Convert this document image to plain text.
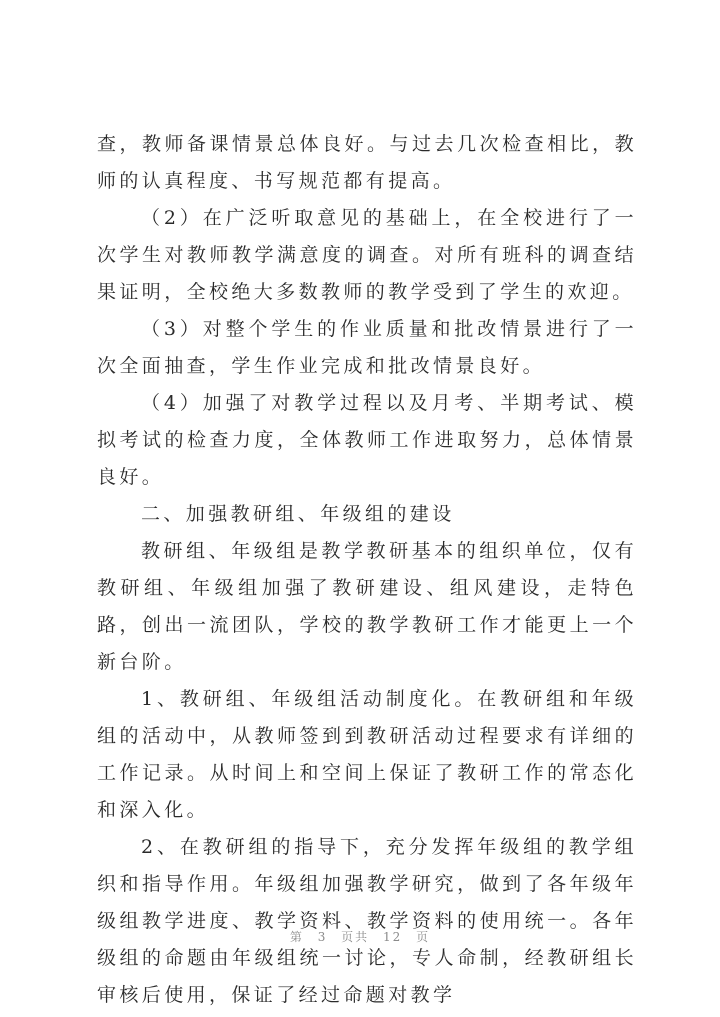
查，教师备课情景总体良好。与过去几次检查相比，教师的认真程度、书写规范都有提高。

（2）在广泛听取意见的基础上，在全校进行了一次学生对教师教学满意度的调查。对所有班科的调查结果证明，全校绝大多数教师的教学受到了学生的欢迎。

（3）对整个学生的作业质量和批改情景进行了一次全面抽查，学生作业完成和批改情景良好。

（4）加强了对教学过程以及月考、半期考试、模拟考试的检查力度，全体教师工作进取努力，总体情景良好。

二、加强教研组、年级组的建设

教研组、年级组是教学教研基本的组织单位，仅有教研组、年级组加强了教研建设、组风建设，走特色路，创出一流团队，学校的教学教研工作才能更上一个新台阶。

1、教研组、年级组活动制度化。在教研组和年级组的活动中，从教师签到到教研活动过程要求有详细的工作记录。从时间上和空间上保证了教研工作的常态化和深入化。

2、在教研组的指导下，充分发挥年级组的教学组织和指导作用。年级组加强教学研究，做到了各年级年级组教学进度、教学资料、教学资料的使用统一。各年级组的命题由年级组统一讨论，专人命制，经教研组长审核后使用，保证了经过命题对教学

第 3 页共 12 页
